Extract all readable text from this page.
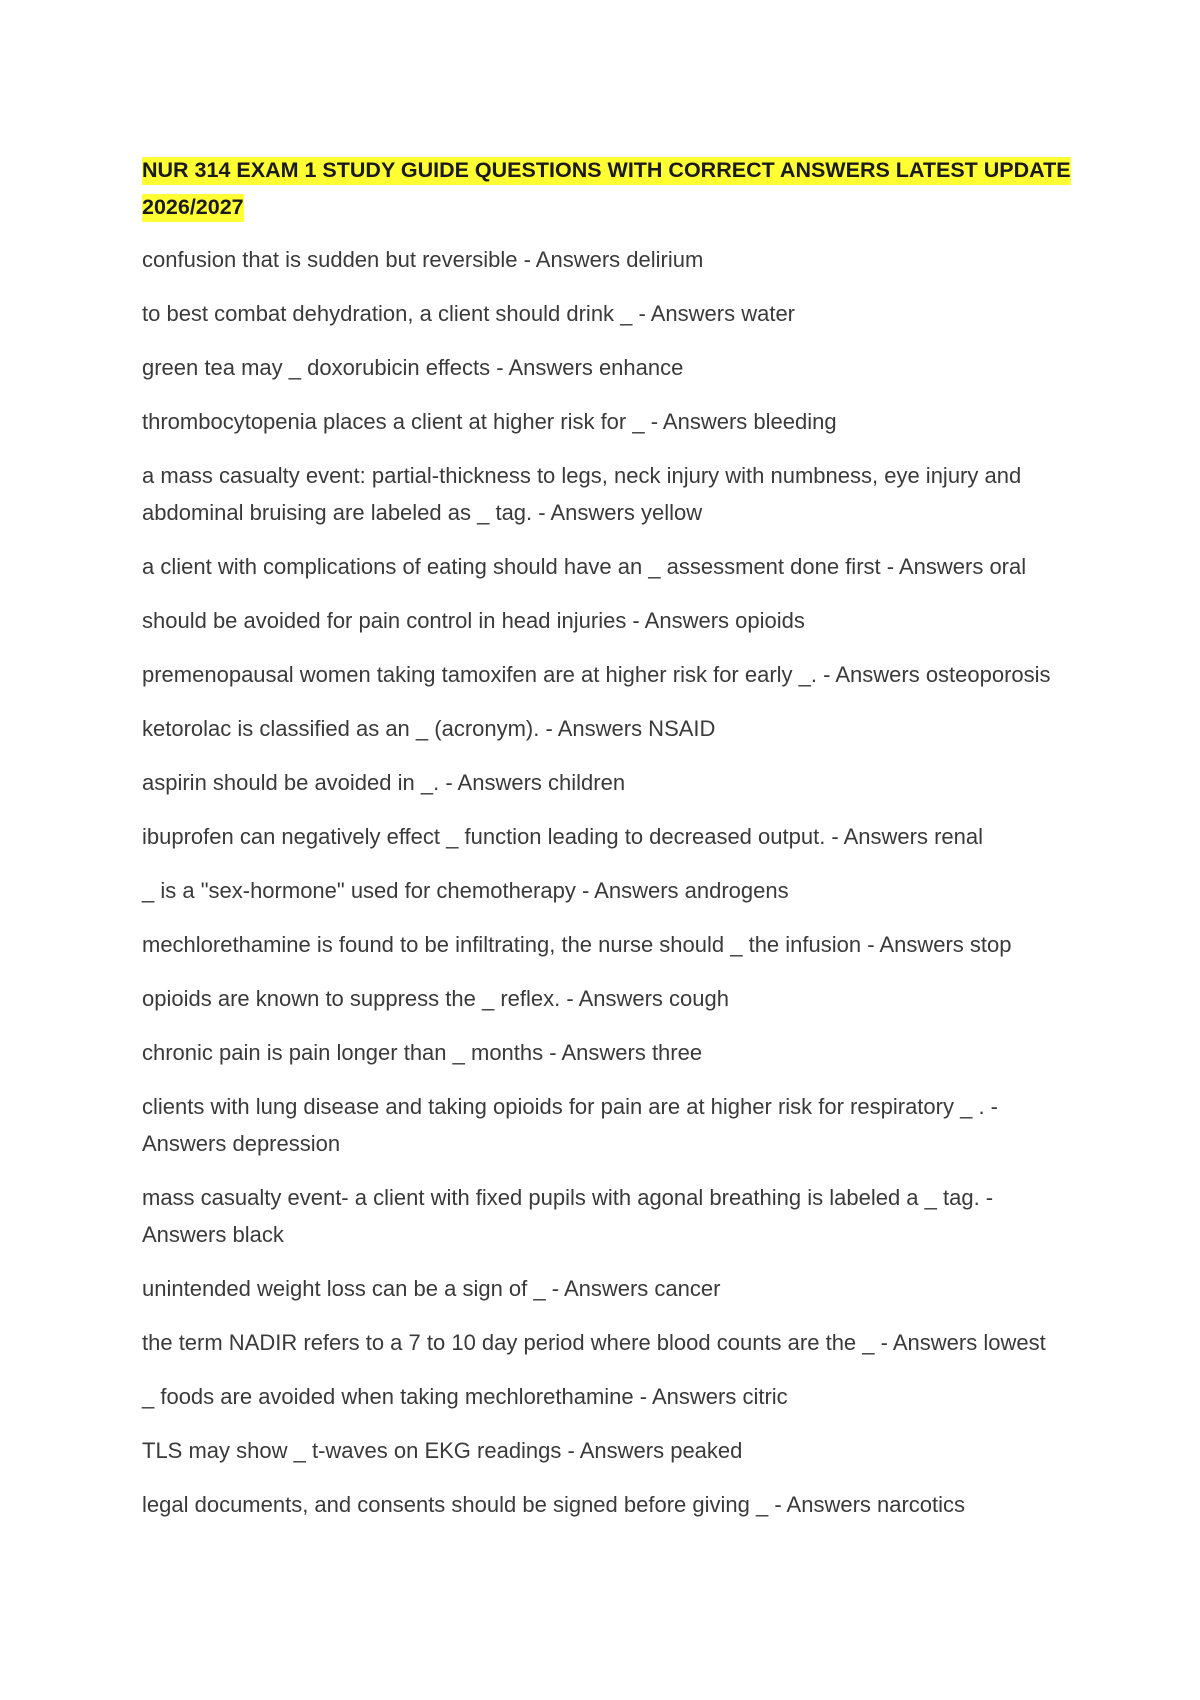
NUR 314 EXAM 1 STUDY GUIDE QUESTIONS WITH CORRECT ANSWERS LATEST UPDATE 2026/2027

confusion that is sudden but reversible - Answers delirium
to best combat dehydration, a client should drink _ - Answers water
green tea may _ doxorubicin effects - Answers enhance
thrombocytopenia places a client at higher risk for _ - Answers bleeding
a mass casualty event: partial-thickness to legs, neck injury with numbness, eye injury and abdominal bruising are labeled as _ tag. - Answers yellow
a client with complications of eating should have an _ assessment done first - Answers oral
should be avoided for pain control in head injuries - Answers opioids
premenopausal women taking tamoxifen are at higher risk for early _. - Answers osteoporosis
ketorolac is classified as an _ (acronym). - Answers NSAID
aspirin should be avoided in _. - Answers children
ibuprofen can negatively effect _ function leading to decreased output. - Answers renal
_ is a "sex-hormone" used for chemotherapy - Answers androgens
mechlorethamine is found to be infiltrating, the nurse should _ the infusion - Answers stop
opioids are known to suppress the _ reflex. - Answers cough
chronic pain is pain longer than _ months - Answers three
clients with lung disease and taking opioids for pain are at higher risk for respiratory _ . - Answers depression
mass casualty event- a client with fixed pupils with agonal breathing is labeled a _ tag. - Answers black
unintended weight loss can be a sign of _ - Answers cancer
the term NADIR refers to a 7 to 10 day period where blood counts are the _ - Answers lowest
_ foods are avoided when taking mechlorethamine - Answers citric
TLS may show _ t-waves on EKG readings - Answers peaked
legal documents, and consents should be signed before giving _ - Answers narcotics
